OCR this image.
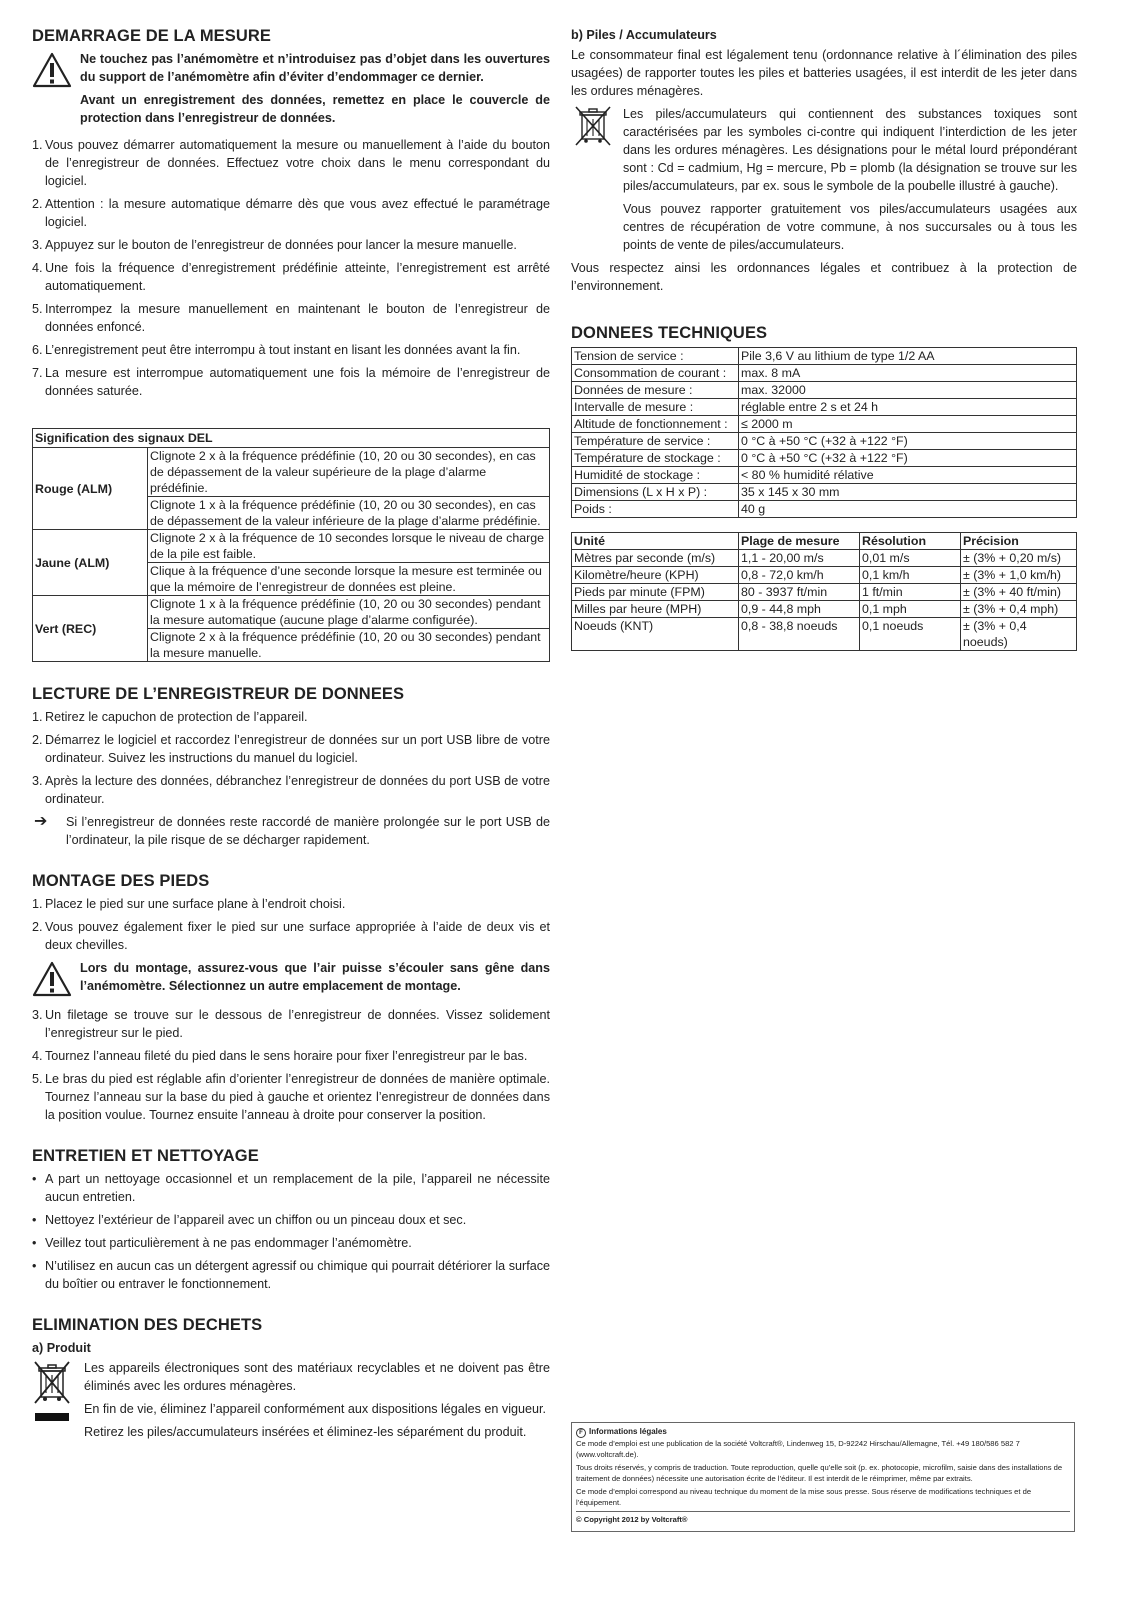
DEMARRAGE DE LA MESURE

Ne touchez pas l’anémomètre et n’introduisez pas d’objet dans les ouvertures du support de l’anémomètre afin d’éviter d’endommager ce dernier.

Avant un enregistrement des données, remettez en place le couvercle de protection dans l’enregistreur de données.

1. Vous pouvez démarrer automatiquement la mesure ou manuellement à l’aide du bouton de l’enregistreur de données. Effectuez votre choix dans le menu correspondant du logiciel.
2. Attention : la mesure automatique démarre dès que vous avez effectué le paramétrage logiciel.
3. Appuyez sur le bouton de l’enregistreur de données pour lancer la mesure manuelle.
4. Une fois la fréquence d’enregistrement prédéfinie atteinte, l’enregistrement est arrêté automatiquement.
5. Interrompez la mesure manuellement en maintenant le bouton de l’enregistreur de données enfoncé.
6. L’enregistrement peut être interrompu à tout instant en lisant les données avant la fin.
7. La mesure est interrompue automatiquement une fois la mémoire de l’enregistreur de données saturée.
Signification des signaux DEL	
Rouge (ALM)	Clignote 2 x à la fréquence prédéfinie (10, 20 ou 30 secondes), en cas de dépassement de la valeur supérieure de la plage d’alarme prédéfinie.
	Clignote 1 x à la fréquence prédéfinie (10, 20 ou 30 secondes), en cas de dépassement de la valeur inférieure de la plage d’alarme prédéfinie.
Jaune (ALM)	Clignote 2 x à la fréquence de 10 secondes lorsque le niveau de charge de la pile est faible.
	Clique à la fréquence d’une seconde lorsque la mesure est terminée ou que la mémoire de l’enregistreur de données est pleine.
Vert (REC)	Clignote 1 x à la fréquence prédéfinie (10, 20 ou 30 secondes) pendant la mesure automatique (aucune plage d’alarme configurée).
	Clignote 2 x à la fréquence prédéfinie (10, 20 ou 30 secondes) pendant la mesure manuelle.
LECTURE DE L’ENREGISTREUR DE DONNEES
1. Retirez le capuchon de protection de l’appareil.
2. Démarrez le logiciel et raccordez l’enregistreur de données sur un port USB libre de votre ordinateur. Suivez les instructions du manuel du logiciel.
3. Après la lecture des données, débranchez l’enregistreur de données du port USB de votre ordinateur.
➔	Si l’enregistreur de données reste raccordé de manière prolongée sur le port USB de l’ordinateur, la pile risque de se décharger rapidement.
MONTAGE DES PIEDS
1. Placez le pied sur une surface plane à l’endroit choisi.
2. Vous pouvez également fixer le pied sur une surface appropriée à l’aide de deux vis et deux chevilles.

Lors du montage, assurez-vous que l’air puisse s’écouler sans gêne dans l’anémomètre. Sélectionnez un autre emplacement de montage.

3. Un filetage se trouve sur le dessous de l’enregistreur de données. Vissez solidement l’enregistreur sur le pied.
4. Tournez l’anneau fileté du pied dans le sens horaire pour fixer l’enregistreur par le bas.
5. Le bras du pied est réglable afin d’orienter l’enregistreur de données de manière optimale. Tournez l’anneau sur la base du pied à gauche et orientez l’enregistreur de données dans la position voulue. Tournez ensuite l’anneau à droite pour conserver la position.
ENTRETIEN ET NETTOYAGE
• A part un nettoyage occasionnel et un remplacement de la pile, l’appareil ne nécessite aucun entretien.
• Nettoyez l’extérieur de l’appareil avec un chiffon ou un pinceau doux et sec.
• Veillez tout particulièrement à ne pas endommager l’anémomètre.
• N’utilisez en aucun cas un détergent agressif ou chimique qui pourrait détériorer la surface du boîtier ou entraver le fonctionnement.
ELIMINATION DES DECHETS
a) Produit

Les appareils électroniques sont des matériaux recyclables et ne doivent pas être éliminés avec les ordures ménagères.

En fin de vie, éliminez l’appareil conformément aux dispositions légales en vigueur.

Retirez les piles/accumulateurs insérées et éliminez-les séparément du produit.

b) Piles / Accumulateurs

Le consommateur final est légalement tenu (ordonnance relative à l´élimination des piles usagées) de rapporter toutes les piles et batteries usagées, il est interdit de les jeter dans les ordures ménagères.

Les piles/accumulateurs qui contiennent des substances toxiques sont caractérisées par les symboles ci-contre qui indiquent l’interdiction de les jeter dans les ordures ménagères. Les désignations pour le métal lourd prépondérant sont : Cd = cadmium, Hg = mercure, Pb = plomb (la désignation se trouve sur les piles/accumulateurs, par ex. sous le symbole de la poubelle illustré à gauche).

Vous pouvez rapporter gratuitement vos piles/accumulateurs usagées aux centres de récupération de votre commune, à nos succursales ou à tous les points de vente de piles/accumulateurs.

Vous respectez ainsi les ordonnances légales et contribuez à la protection de l’environnement.

DONNEES TECHNIQUES
Tension de service :	Pile 3,6 V au lithium de type 1/2 AA
Consommation de courant :	max. 8 mA
Données de mesure :	max. 32000
Intervalle de mesure :	réglable entre 2 s et 24 h
Altitude de fonctionnement :	≤ 2000 m
Température de service :	0 °C à +50 °C (+32 à +122 °F)
Température de stockage :	0 °C à +50 °C (+32 à +122 °F)
Humidité de stockage :	< 80 % humidité rélative
Dimensions (L x H x P) :	35 x 145 x 30 mm
Poids :	40 g
Unité	Plage de mesure	Résolution	Précision
Mètres par seconde (m/s)	1,1 - 20,00 m/s	0,01 m/s	± (3% + 0,20 m/s)
Kilomètre/heure (KPH)	0,8 - 72,0 km/h	0,1 km/h	± (3% + 1,0 km/h)
Pieds par minute (FPM)	80 - 3937 ft/min	1 ft/min	± (3% + 40 ft/min)
Milles par heure (MPH)	0,9 - 44,8 mph	0,1 mph	± (3% + 0,4 mph)
Noeuds (KNT)	0,8 - 38,8 noeuds	0,1 noeuds	± (3% + 0,4 noeuds)
F Informations légales

Ce mode d’emploi est une publication de la société Voltcraft®, Lindenweg 15, D-92242 Hirschau/Allemagne, Tél. +49 180/586 582 7 (www.voltcraft.de).

Tous droits réservés, y compris de traduction. Toute reproduction, quelle qu’elle soit (p. ex. photocopie, microfilm, saisie dans des installations de traitement de données) nécessite une autorisation écrite de l’éditeur. Il est interdit de le réimprimer, même par extraits.

Ce mode d’emploi correspond au niveau technique du moment de la mise sous presse. Sous réserve de modifications techniques et de l’équipement.

© Copyright 2012 by Voltcraft®
